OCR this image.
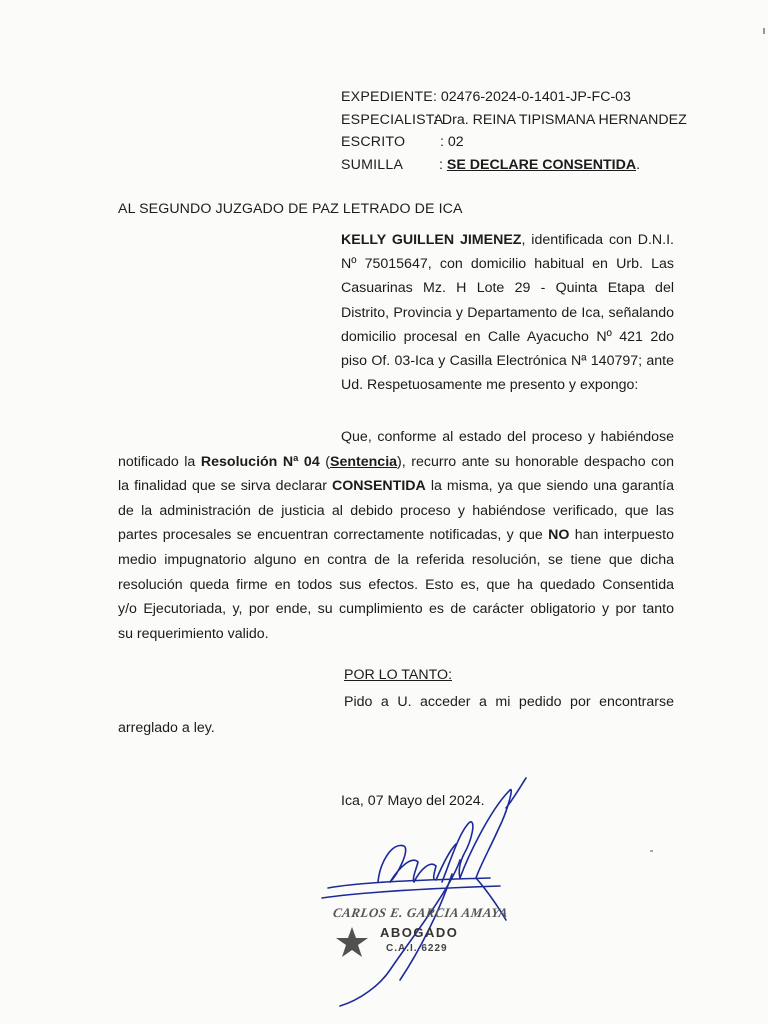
EXPEDIENTE : 02476-2024-0-1401-JP-FC-03
ESPECIALISTA
: Dra. REINA TIPISMANA HERNANDEZ
ESCRITO : 02
SUMILLA	: SE DECLARE CONSENTIDA.
AL SEGUNDO JUZGADO DE PAZ LETRADO DE ICA
KELLY GUILLEN JIMENEZ, identificada con D.N.I. Nº 75015647, con domicilio habitual en Urb. Las Casuarinas Mz. H Lote 29 - Quinta Etapa del Distrito, Provincia y Departamento de Ica, señalando domicilio procesal en Calle Ayacucho Nº 421 2do piso Of. 03-Ica y Casilla Electrónica Nª 140797; ante Ud. Respetuosamente me presento y expongo:
Que, conforme al estado del proceso y habiéndose
notificado la Resolución Nª 04 (Sentencia), recurro ante su honorable despacho con
la finalidad que se sirva declarar CONSENTIDA la misma, ya que siendo una garantía
de la administración de justicia al debido proceso y habiéndose verificado, que las
partes procesales se encuentran correctamente notificadas, y que NO han interpuesto
medio impugnatorio alguno en contra de la referida resolución, se tiene que dicha
resolución queda firme en todos sus efectos. Esto es, que ha quedado Consentida
y/o Ejecutoriada, y, por ende, su cumplimiento es de carácter obligatorio y por tanto
su requerimiento valido.
POR LO TANTO:
Pido a U. acceder a mi pedido por encontrarse
arreglado a ley.
Ica, 07 Mayo del 2024.
CARLOS E. GARCIA AMAYA
ABOGADO
C.A.I. 6229
